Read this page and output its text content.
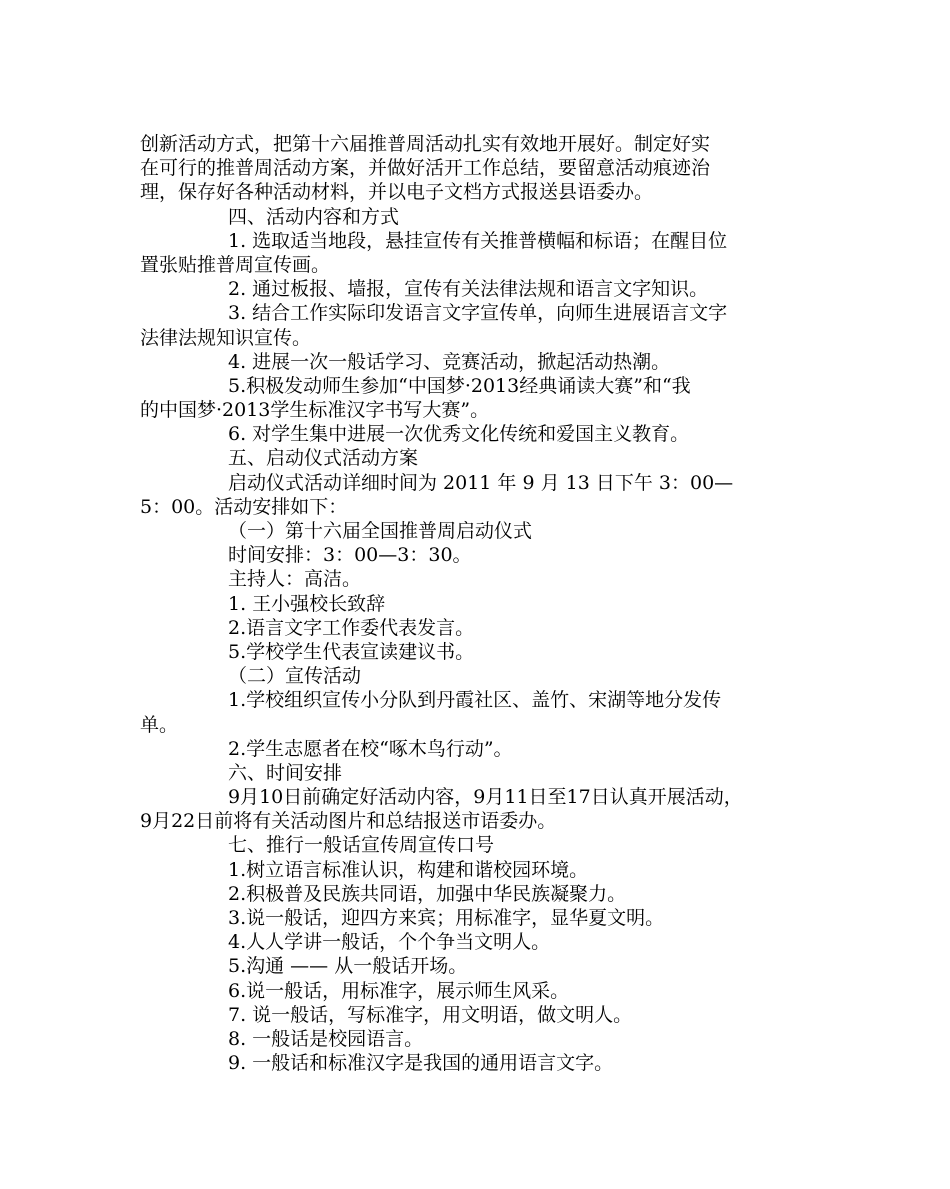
创新活动方式，把第十六届推普周活动扎实有效地开展好。制定好实

在可行的推普周活动方案，并做好活开工作总结，要留意活动痕迹治

理，保存好各种活动材料，并以电子文档方式报送县语委办。

四、活动内容和方式

1. 选取适当地段，悬挂宣传有关推普横幅和标语；在醒目位

置张贴推普周宣传画。

2. 通过板报、墙报，宣传有关法律法规和语言文字知识。

3. 结合工作实际印发语言文字宣传单，向师生进展语言文字

法律法规知识宣传。

4. 进展一次一般话学习、竞赛活动，掀起活动热潮。

5.积极发动师生参加“中国梦·2013经典诵读大赛”和“我

的中国梦·2013学生标准汉字书写大赛”。

6. 对学生集中进展一次优秀文化传统和爱国主义教育。

五、启动仪式活动方案

启动仪式活动详细时间为 2011 年 9 月 13 日下午 3：00—

5：00。活动安排如下：

（一）第十六届全国推普周启动仪式

时间安排：3：00—3：30。

主持人：高洁。

1. 王小强校长致辞

2.语言文字工作委代表发言。

5.学校学生代表宣读建议书。

（二）宣传活动

1.学校组织宣传小分队到丹霞社区、盖竹、宋湖等地分发传

单。

2.学生志愿者在校“啄木鸟行动”。

六、时间安排

9月10日前确定好活动内容，9月11日至17日认真开展活动，

9月22日前将有关活动图片和总结报送市语委办。

七、推行一般话宣传周宣传口号

1.树立语言标准认识，构建和谐校园环境。

2.积极普及民族共同语，加强中华民族凝聚力。

3.说一般话，迎四方来宾；用标准字，显华夏文明。

4.人人学讲一般话，个个争当文明人。

5.沟通 —— 从一般话开场。

6.说一般话，用标准字，展示师生风采。

7. 说一般话，写标准字，用文明语，做文明人。

8. 一般话是校园语言。

9. 一般话和标准汉字是我国的通用语言文字。
